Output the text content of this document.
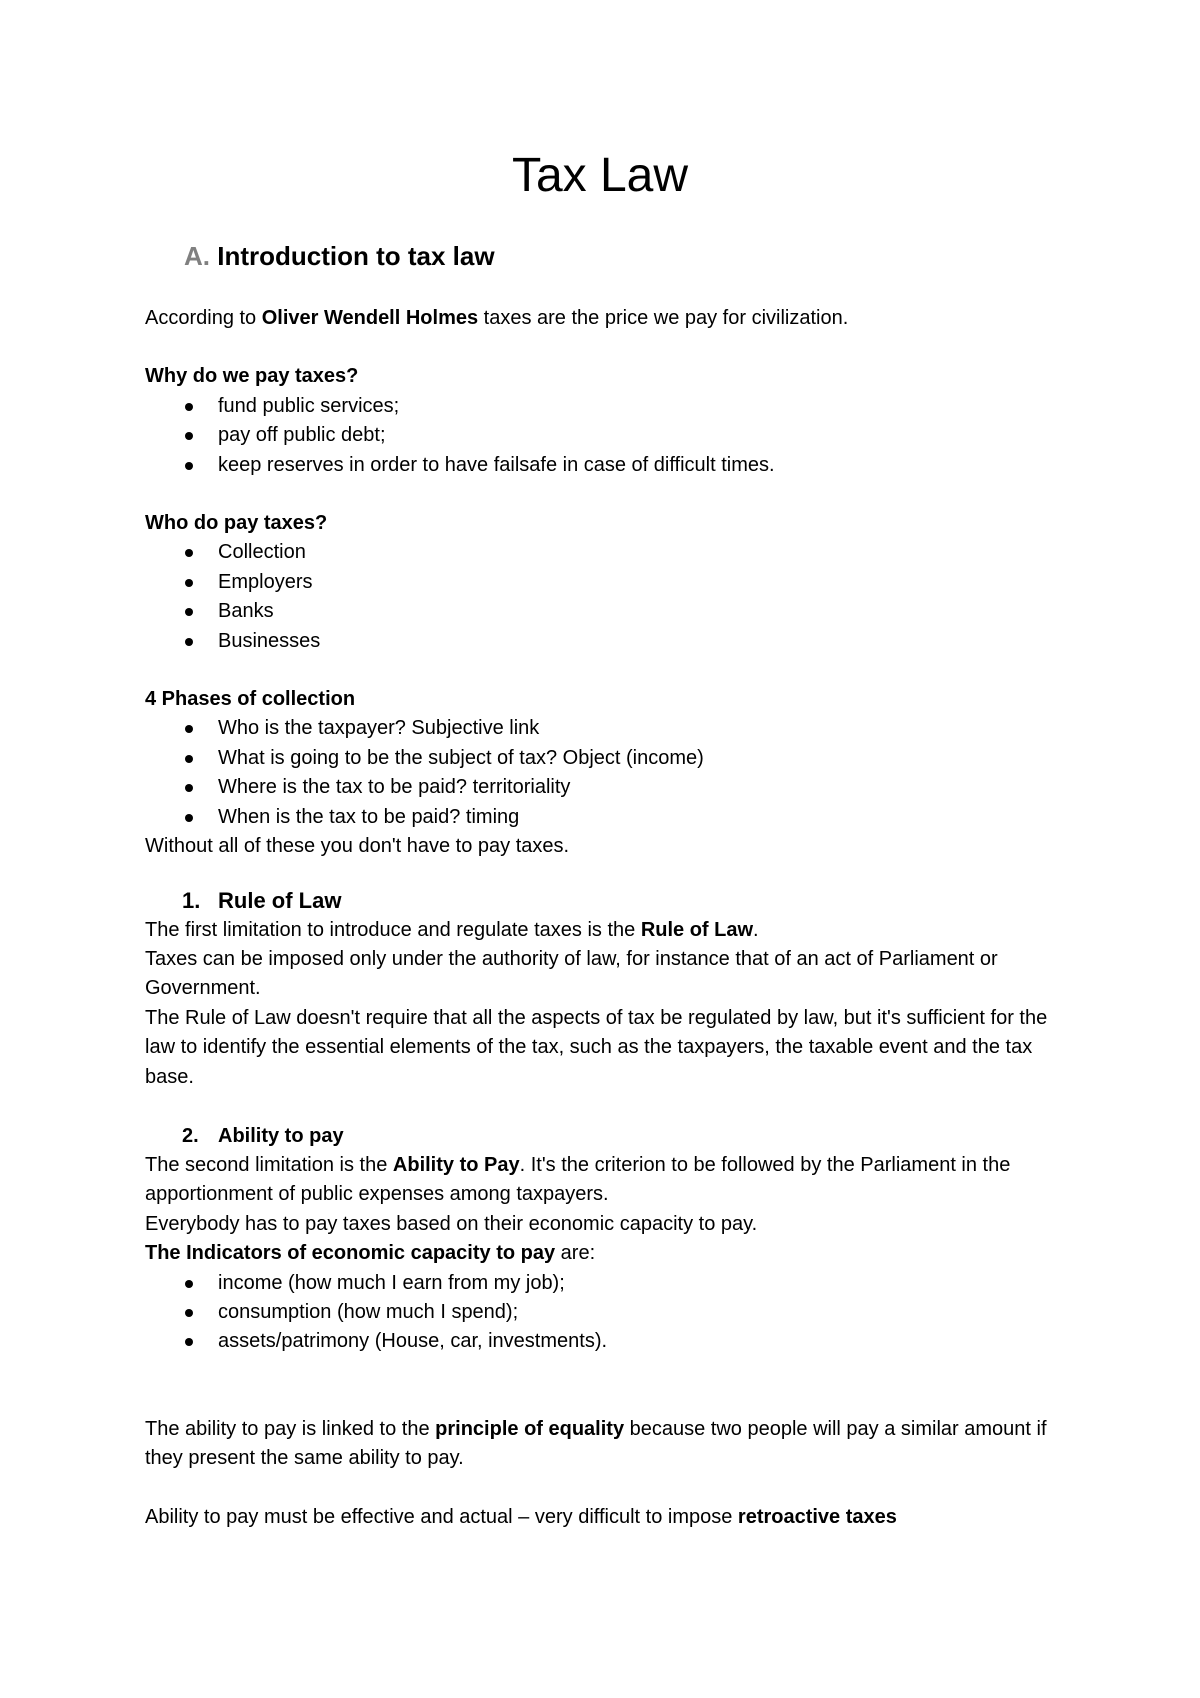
Tax Law
A. Introduction to tax law

According to Oliver Wendell Holmes taxes are the price we pay for civilization.

Why do we pay taxes?

fund public services;
pay off public debt;
keep reserves in order to have failsafe in case of difficult times.

Who do pay taxes?

Collection
Employers
Banks
Businesses

4 Phases of collection

Who is the taxpayer? Subjective link
What is going to be the subject of tax? Object (income)
Where is the tax to be paid? territoriality
When is the tax to be paid? timing

Without all of these you don't have to pay taxes.

1. Rule of Law

The first limitation to introduce and regulate taxes is the Rule of Law.

Taxes can be imposed only under the authority of law, for instance that of an act of Parliament or Government.

The Rule of Law doesn't require that all the aspects of tax be regulated by law, but it's sufficient for the law to identify the essential elements of the tax, such as the taxpayers, the taxable event and the tax base.

2. Ability to pay

The second limitation is the Ability to Pay. It's the criterion to be followed by the Parliament in the apportionment of public expenses among taxpayers.

Everybody has to pay taxes based on their economic capacity to pay.

The Indicators of economic capacity to pay are:

income (how much I earn from my job);
consumption (how much I spend);
assets/patrimony (House, car, investments).

The ability to pay is linked to the principle of equality because two people will pay a similar amount if they present the same ability to pay.

Ability to pay must be effective and actual – very difficult to impose retroactive taxes
